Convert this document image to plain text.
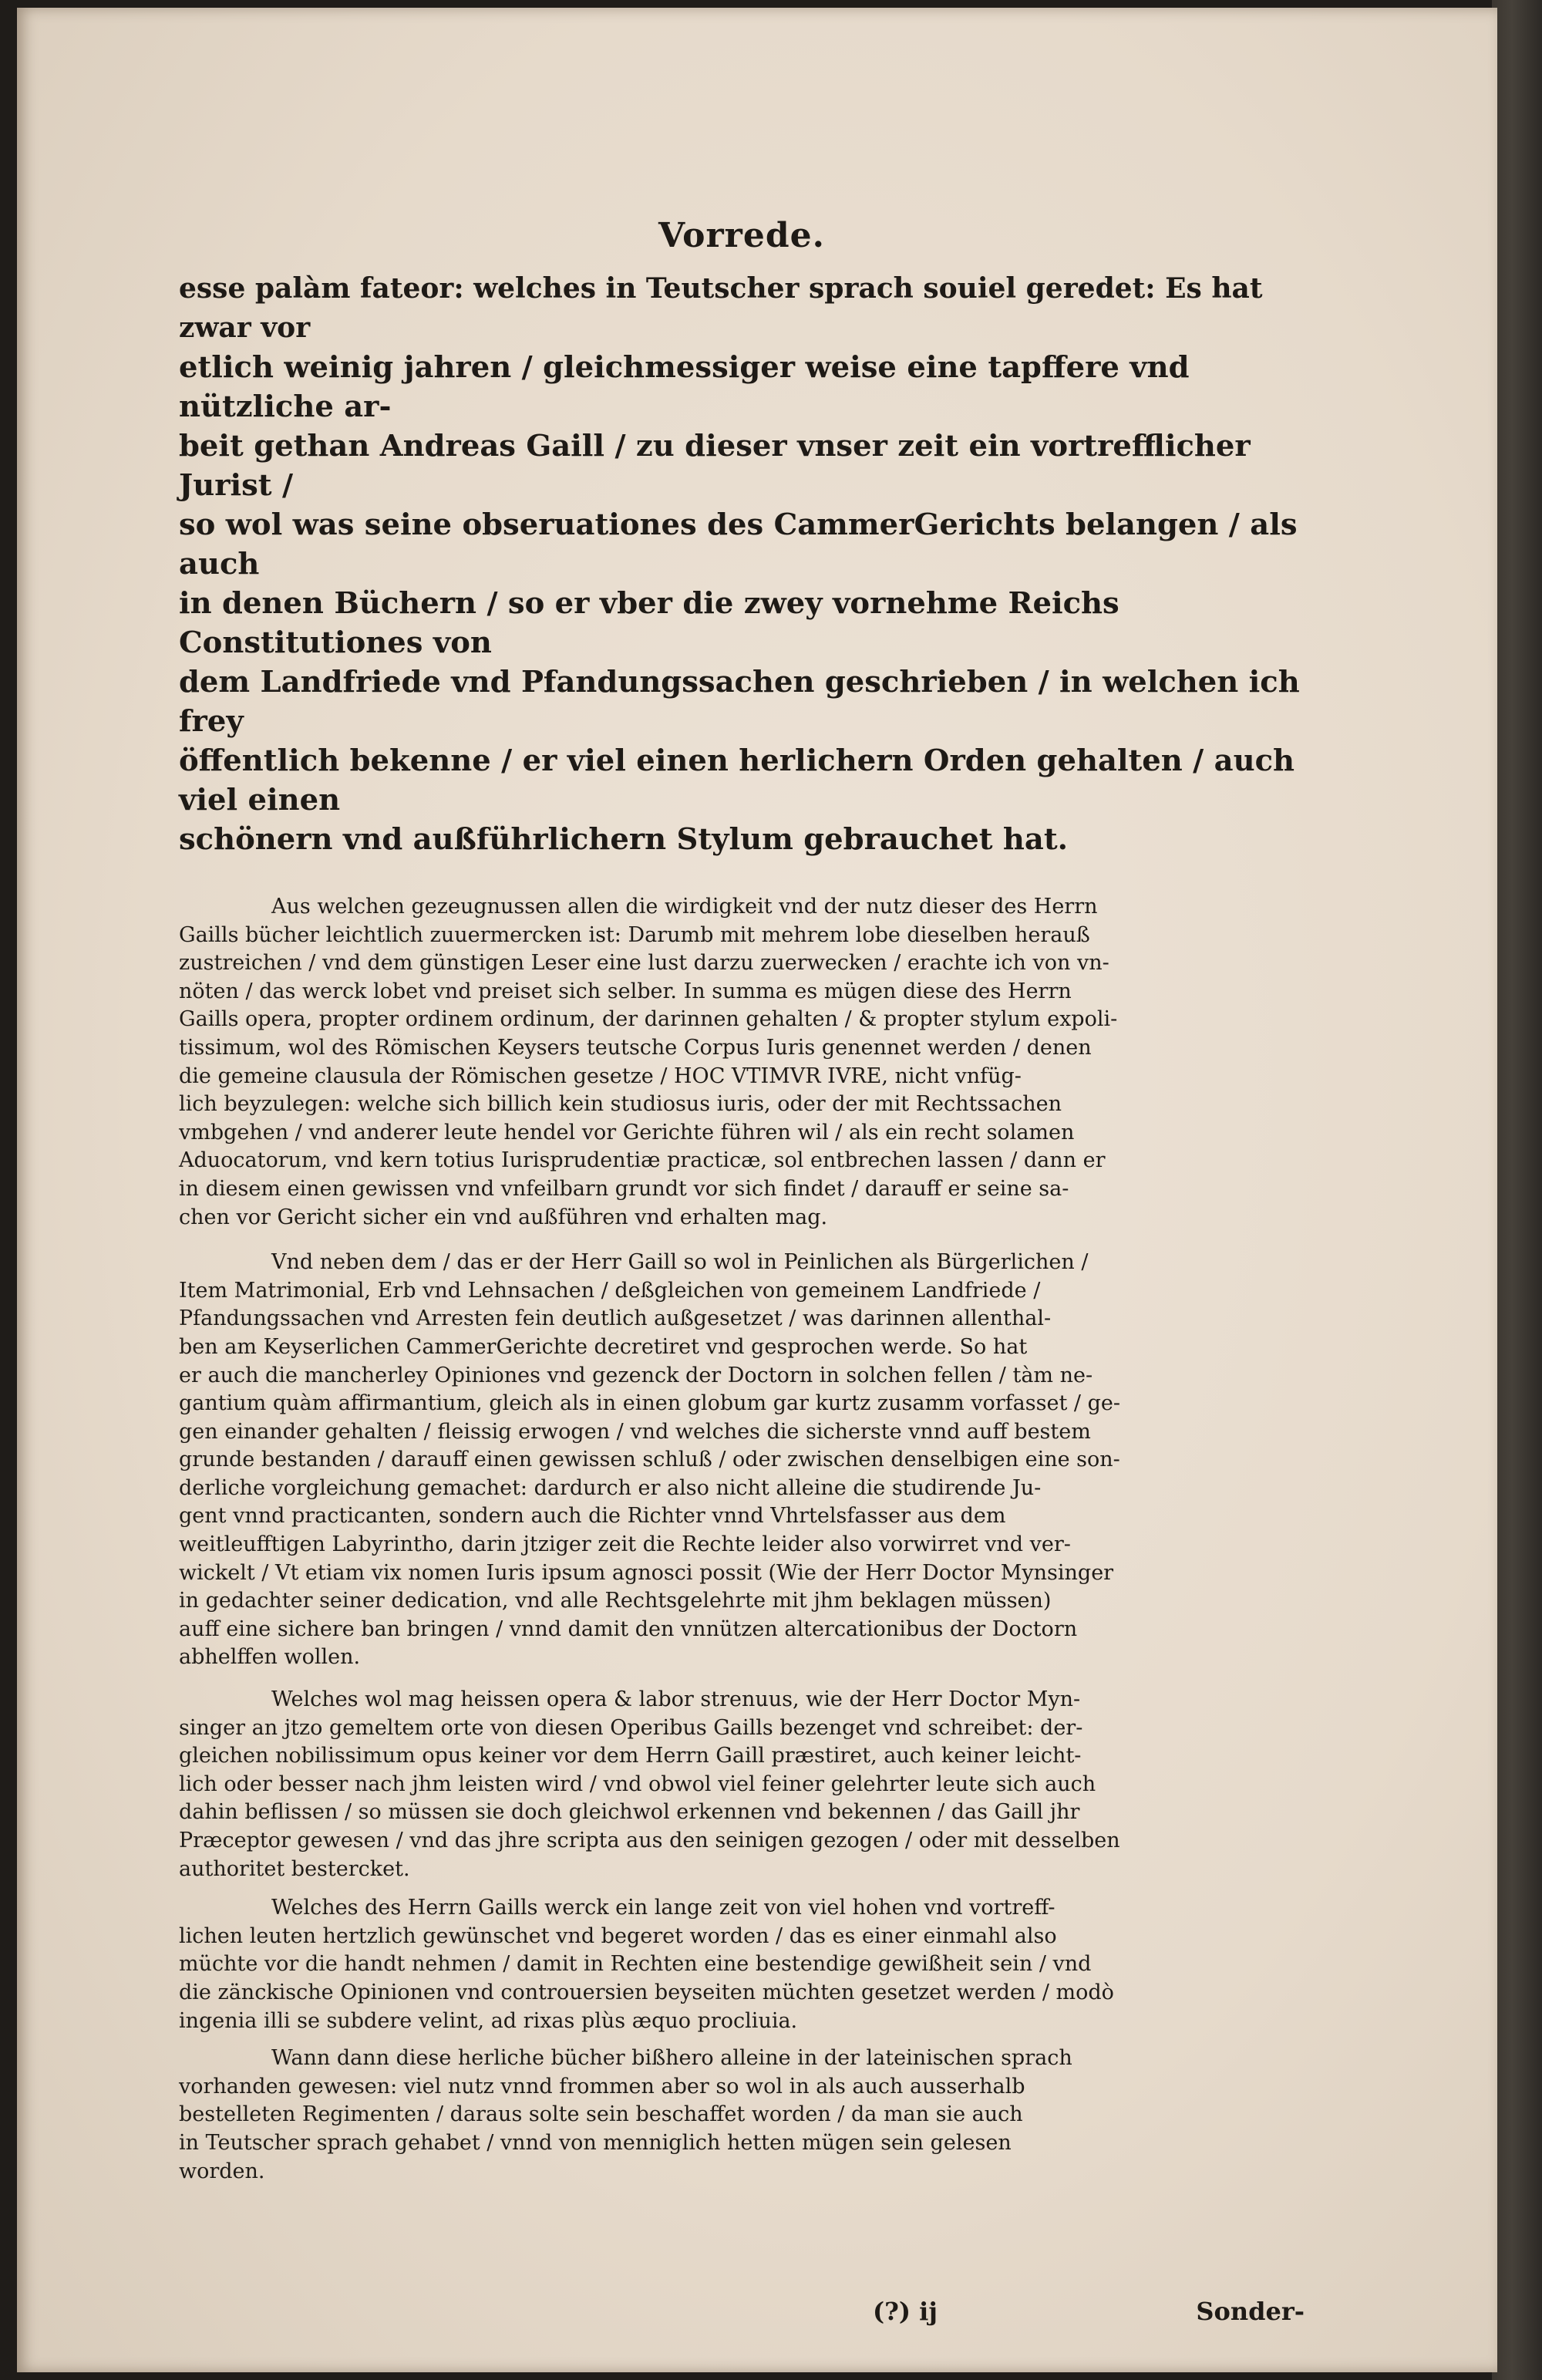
Vorrede.
esse palàm fateor: welches in Teutscher sprach souiel geredet: Es hat zwar vor
etlich weinig jahren / gleichmessiger weise eine tapffere vnd nützliche ar-
beit gethan Andreas Gaill / zu dieser vnser zeit ein vortrefflicher Jurist /
so wol was seine obseruationes des CammerGerichts belangen / als auch
in denen Büchern / so er vber die zwey vornehme Reichs Constitutiones von
dem Landfriede vnd Pfandungssachen geschrieben / in welchen ich frey
öffentlich bekenne / er viel einen herlichern Orden gehalten / auch viel einen
schönern vnd außführlichern Stylum gebrauchet hat.
Aus welchen gezeugnussen allen die wirdigkeit vnd der nutz dieser des Herrn
Gaills bücher leichtlich zuuermercken ist: Darumb mit mehrem lobe dieselben herauß
zustreichen / vnd dem günstigen Leser eine lust darzu zuerwecken / erachte ich von vn-
nöten / das werck lobet vnd preiset sich selber. In summa es mügen diese des Herrn
Gaills opera, propter ordinem ordinum, der darinnen gehalten / & propter stylum expoli-
tissimum, wol des Römischen Keysers teutsche Corpus Iuris genennet werden / denen
die gemeine clausula der Römischen gesetze / HOC VTIMVR IVRE, nicht vnfüg-
lich beyzulegen: welche sich billich kein studiosus iuris, oder der mit Rechtssachen
vmbgehen / vnd anderer leute hendel vor Gerichte führen wil / als ein recht solamen
Aduocatorum, vnd kern totius Iurisprudentiæ practicæ, sol entbrechen lassen / dann er
in diesem einen gewissen vnd vnfeilbarn grundt vor sich findet / darauff er seine sa-
chen vor Gericht sicher ein vnd außführen vnd erhalten mag.
Vnd neben dem / das er der Herr Gaill so wol in Peinlichen als Bürgerlichen /
Item Matrimonial, Erb vnd Lehnsachen / deßgleichen von gemeinem Landfriede /
Pfandungssachen vnd Arresten fein deutlich außgesetzet / was darinnen allenthal-
ben am Keyserlichen CammerGerichte decretiret vnd gesprochen werde. So hat
er auch die mancherley Opiniones vnd gezenck der Doctorn in solchen fellen / tàm ne-
gantium quàm affirmantium, gleich als in einen globum gar kurtz zusamm vorfasset / ge-
gen einander gehalten / fleissig erwogen / vnd welches die sicherste vnnd auff bestem
grunde bestanden / darauff einen gewissen schluß / oder zwischen denselbigen eine son-
derliche vorgleichung gemachet: dardurch er also nicht alleine die studirende Ju-
gent vnnd practicanten, sondern auch die Richter vnnd Vhrtelsfasser aus dem
weitleufftigen Labyrintho, darin jtziger zeit die Rechte leider also vorwirret vnd ver-
wickelt / Vt etiam vix nomen Iuris ipsum agnosci possit (Wie der Herr Doctor Mynsinger
in gedachter seiner dedication, vnd alle Rechtsgelehrte mit jhm beklagen müssen)
auff eine sichere ban bringen / vnnd damit den vnnützen altercationibus der Doctorn
abhelffen wollen.
Welches wol mag heissen opera & labor strenuus, wie der Herr Doctor Myn-
singer an jtzo gemeltem orte von diesen Operibus Gaills bezenget vnd schreibet: der-
gleichen nobilissimum opus keiner vor dem Herrn Gaill præstiret, auch keiner leicht-
lich oder besser nach jhm leisten wird / vnd obwol viel feiner gelehrter leute sich auch
dahin beflissen / so müssen sie doch gleichwol erkennen vnd bekennen / das Gaill jhr
Præceptor gewesen / vnd das jhre scripta aus den seinigen gezogen / oder mit desselben
authoritet bestercket.
Welches des Herrn Gaills werck ein lange zeit von viel hohen vnd vortreff-
lichen leuten hertzlich gewünschet vnd begeret worden / das es einer einmahl also
müchte vor die handt nehmen / damit in Rechten eine bestendige gewißheit sein / vnd
die zänckische Opinionen vnd controuersien beyseiten müchten gesetzet werden / modò
ingenia illi se subdere velint, ad rixas plùs æquo procliuia.
Wann dann diese herliche bücher bißhero alleine in der lateinischen sprach
vorhanden gewesen: viel nutz vnnd frommen aber so wol in als auch ausserhalb
bestelleten Regimenten / daraus solte sein beschaffet worden / da man sie auch
in Teutscher sprach gehabet / vnnd von menniglich hetten mügen sein gelesen
worden.
(?) ij	Sonder-
